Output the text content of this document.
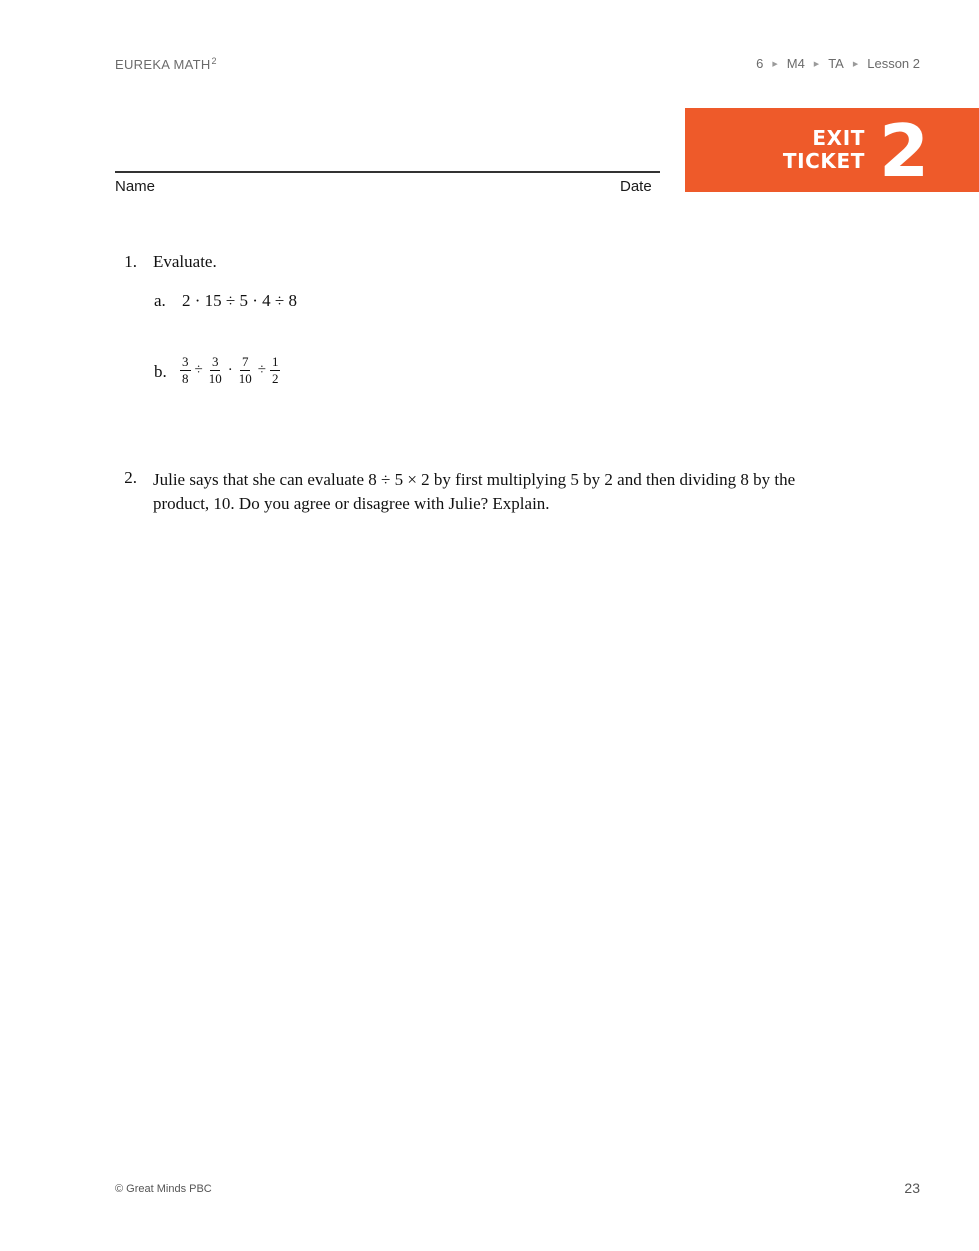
EUREKA MATH$^2$	6 ▶ M4 ▶ TA ▶ Lesson 2
EXIT
TICKET 2
Name	Date
1. Evaluate.
a. 2 · 15 ÷ 5 · 4 ÷ 8
b. $\frac{3}{8} \div \frac{3}{10} \cdot \frac{7}{10} \div \frac{1}{2}$
2. Julie says that she can evaluate 8 ÷ 5 × 2 by first multiplying 5 by 2 and then dividing 8 by the
product, 10. Do you agree or disagree with Julie? Explain.
© Great Minds PBC	23
